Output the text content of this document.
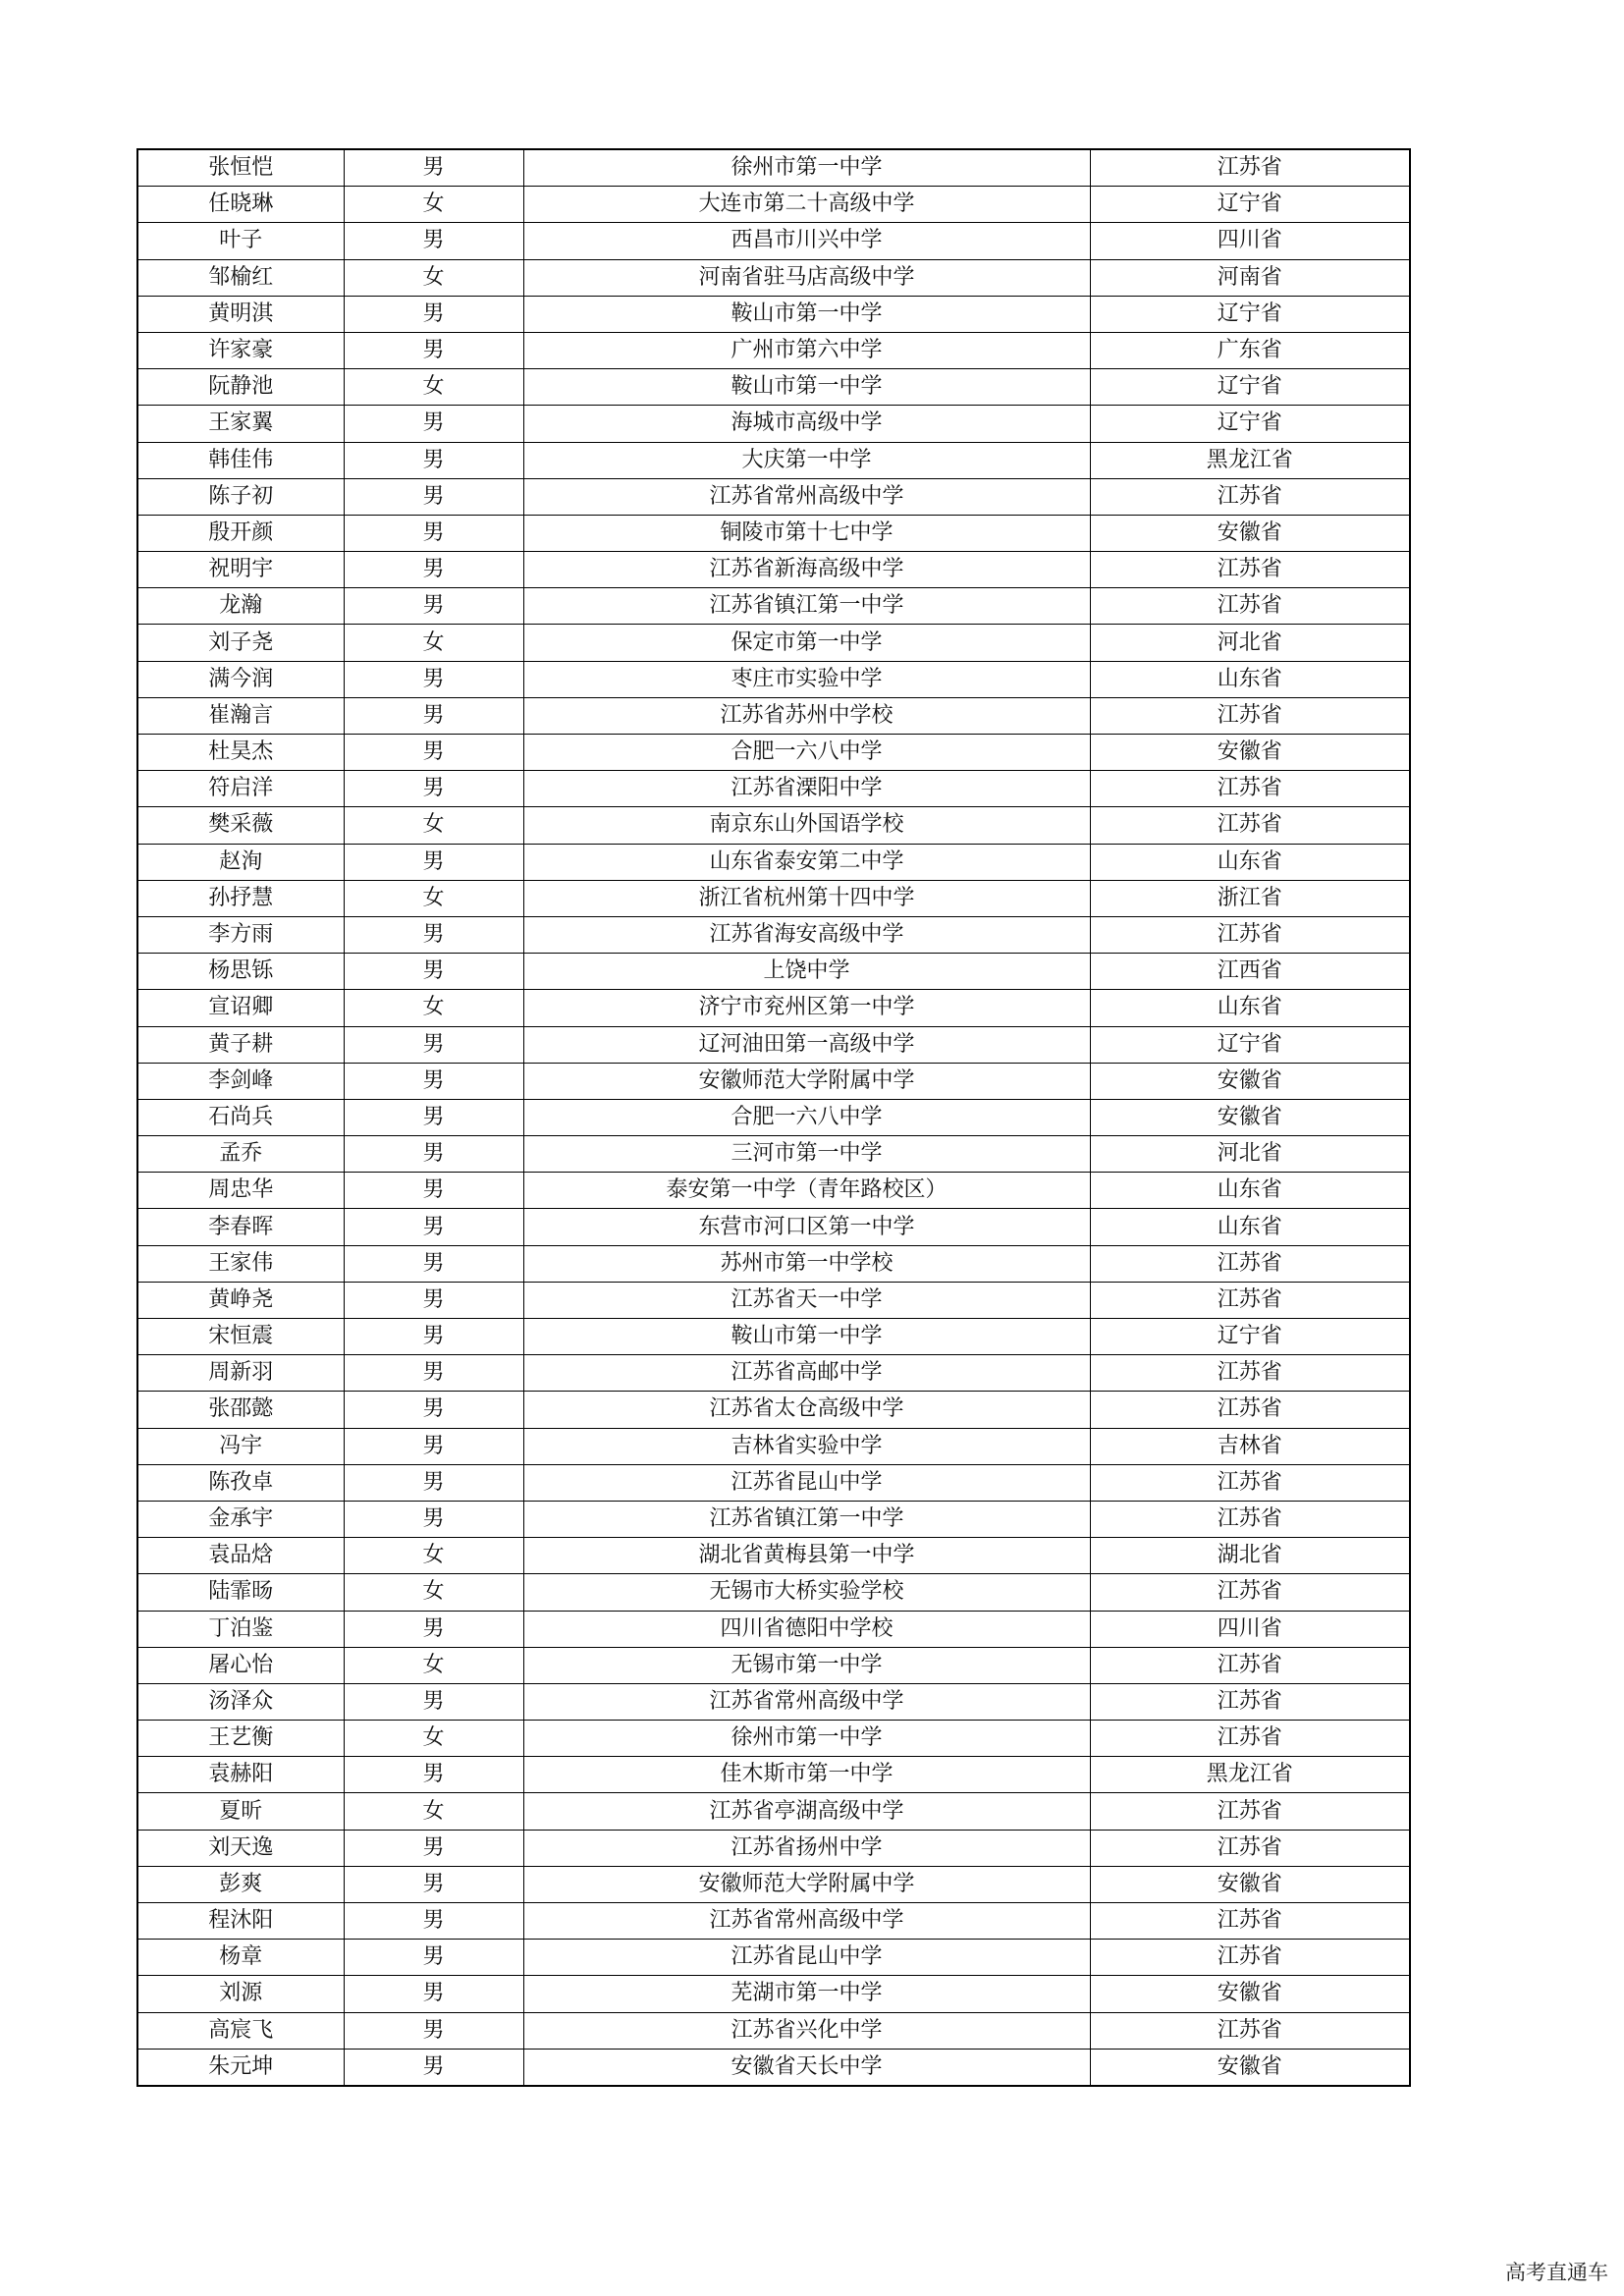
张恒恺	男	徐州市第一中学	江苏省
任晓琳	女	大连市第二十高级中学	辽宁省
叶子	男	西昌市川兴中学	四川省
邹榆红	女	河南省驻马店高级中学	河南省
黄明淇	男	鞍山市第一中学	辽宁省
许家豪	男	广州市第六中学	广东省
阮静池	女	鞍山市第一中学	辽宁省
王家翼	男	海城市高级中学	辽宁省
韩佳伟	男	大庆第一中学	黑龙江省
陈子初	男	江苏省常州高级中学	江苏省
殷开颜	男	铜陵市第十七中学	安徽省
祝明宇	男	江苏省新海高级中学	江苏省
龙瀚	男	江苏省镇江第一中学	江苏省
刘子尧	女	保定市第一中学	河北省
满今润	男	枣庄市实验中学	山东省
崔瀚言	男	江苏省苏州中学校	江苏省
杜昊杰	男	合肥一六八中学	安徽省
符启洋	男	江苏省溧阳中学	江苏省
樊采薇	女	南京东山外国语学校	江苏省
赵洵	男	山东省泰安第二中学	山东省
孙抒慧	女	浙江省杭州第十四中学	浙江省
李方雨	男	江苏省海安高级中学	江苏省
杨思铄	男	上饶中学	江西省
宣诏卿	女	济宁市兖州区第一中学	山东省
黄子耕	男	辽河油田第一高级中学	辽宁省
李剑峰	男	安徽师范大学附属中学	安徽省
石尚兵	男	合肥一六八中学	安徽省
孟乔	男	三河市第一中学	河北省
周忠华	男	泰安第一中学（青年路校区）	山东省
李春晖	男	东营市河口区第一中学	山东省
王家伟	男	苏州市第一中学校	江苏省
黄峥尧	男	江苏省天一中学	江苏省
宋恒震	男	鞍山市第一中学	辽宁省
周新羽	男	江苏省高邮中学	江苏省
张邵懿	男	江苏省太仓高级中学	江苏省
冯宇	男	吉林省实验中学	吉林省
陈孜卓	男	江苏省昆山中学	江苏省
金承宇	男	江苏省镇江第一中学	江苏省
袁品焓	女	湖北省黄梅县第一中学	湖北省
陆霏旸	女	无锡市大桥实验学校	江苏省
丁泊鉴	男	四川省德阳中学校	四川省
屠心怡	女	无锡市第一中学	江苏省
汤泽众	男	江苏省常州高级中学	江苏省
王艺衡	女	徐州市第一中学	江苏省
袁赫阳	男	佳木斯市第一中学	黑龙江省
夏昕	女	江苏省亭湖高级中学	江苏省
刘天逸	男	江苏省扬州中学	江苏省
彭爽	男	安徽师范大学附属中学	安徽省
程沐阳	男	江苏省常州高级中学	江苏省
杨章	男	江苏省昆山中学	江苏省
刘源	男	芜湖市第一中学	安徽省
高宸飞	男	江苏省兴化中学	江苏省
朱元坤	男	安徽省天长中学	安徽省
高考直通车
